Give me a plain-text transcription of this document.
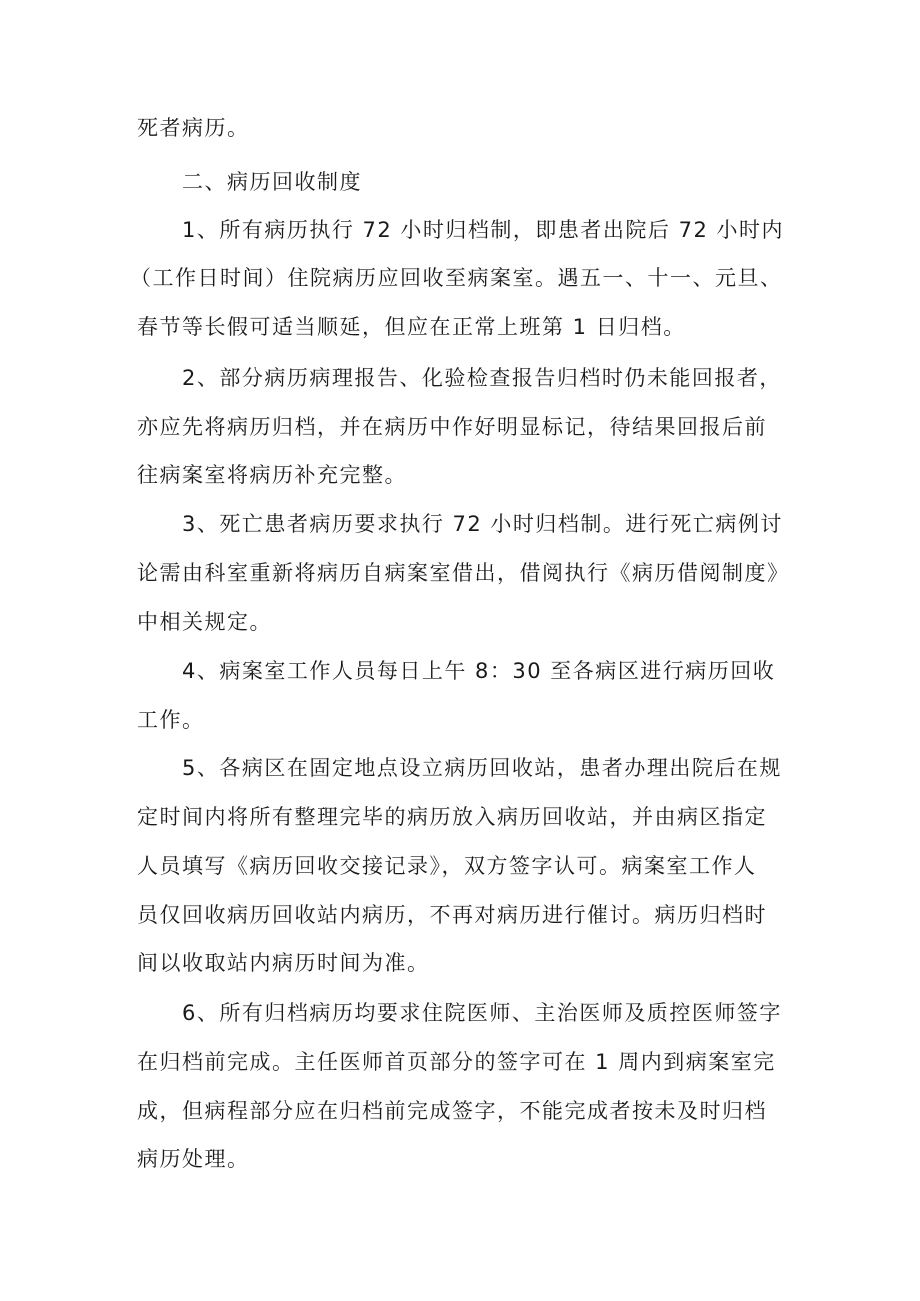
死者病历。
二、病历回收制度
1、所有病历执行 72 小时归档制，即患者出院后 72 小时内
（工作日时间）住院病历应回收至病案室。遇五一、十一、元旦、
春节等长假可适当顺延，但应在正常上班第 1 日归档。
2、部分病历病理报告、化验检查报告归档时仍未能回报者，
亦应先将病历归档，并在病历中作好明显标记，待结果回报后前
往病案室将病历补充完整。
3、死亡患者病历要求执行 72 小时归档制。进行死亡病例讨
论需由科室重新将病历自病案室借出，借阅执行《病历借阅制度》
中相关规定。
4、病案室工作人员每日上午 8：30 至各病区进行病历回收
工作。
5、各病区在固定地点设立病历回收站，患者办理出院后在规
定时间内将所有整理完毕的病历放入病历回收站，并由病区指定
人员填写《病历回收交接记录》，双方签字认可。病案室工作人
员仅回收病历回收站内病历，不再对病历进行催讨。病历归档时
间以收取站内病历时间为准。
6、所有归档病历均要求住院医师、主治医师及质控医师签字
在归档前完成。主任医师首页部分的签字可在 1 周内到病案室完
成，但病程部分应在归档前完成签字，不能完成者按未及时归档
病历处理。
